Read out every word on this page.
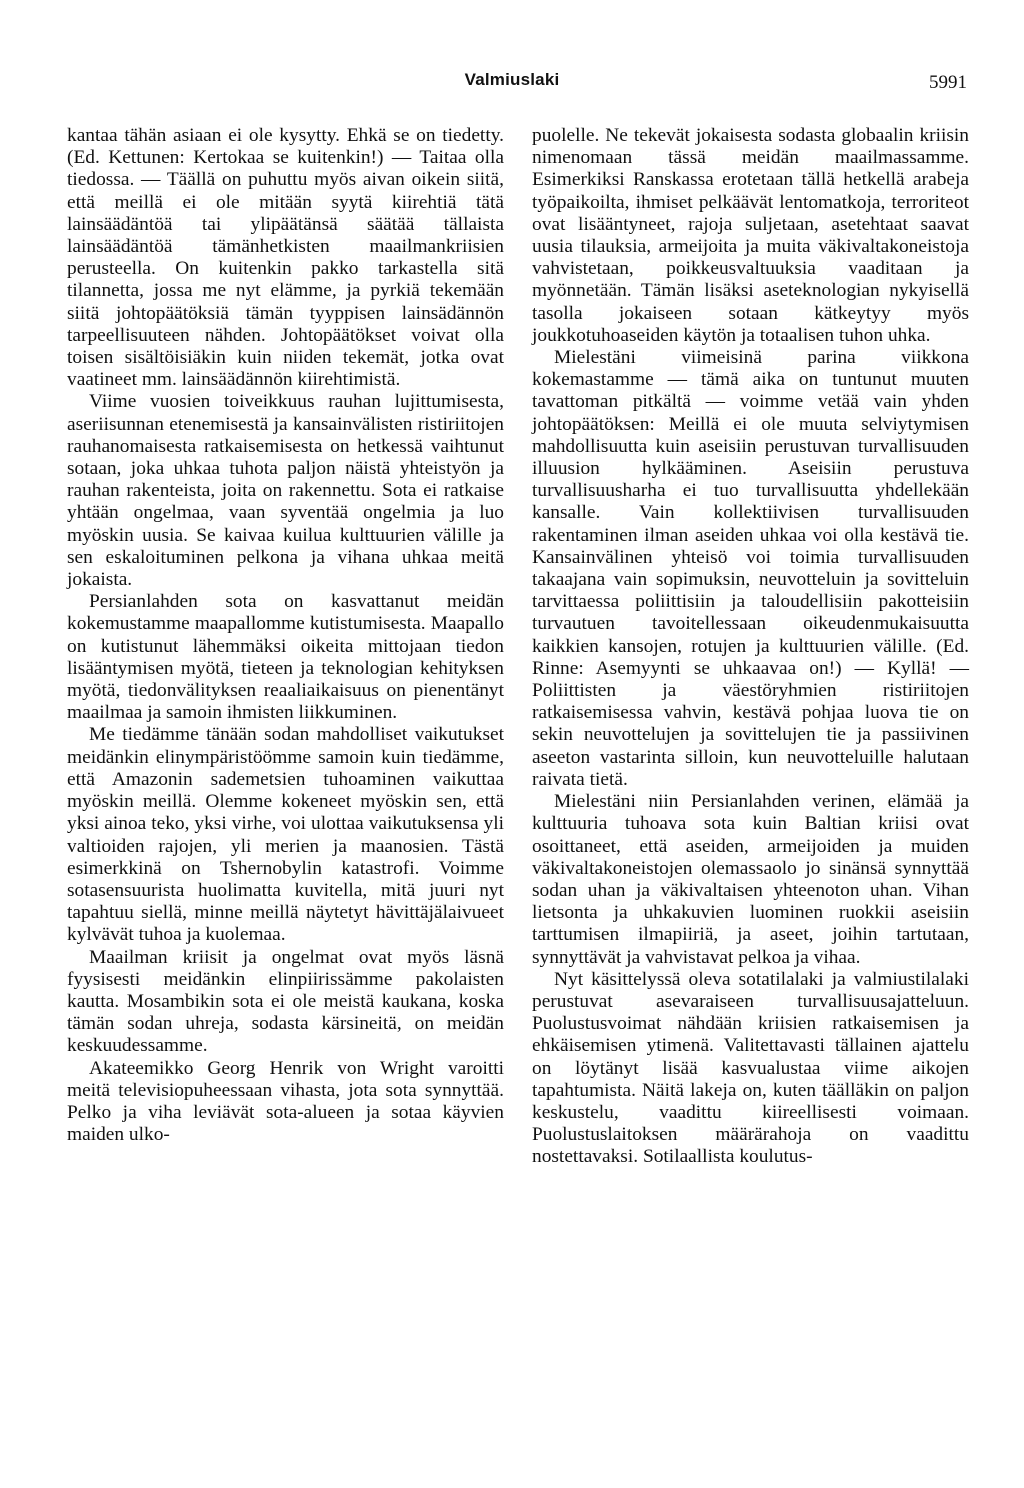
Valmiuslaki	5991

kantaa tähän asiaan ei ole kysytty. Ehkä se on tiedetty. (Ed. Kettunen: Kertokaa se kuitenkin!) — Taitaa olla tiedossa. — Täällä on puhuttu myös aivan oikein siitä, että meillä ei ole mitään syytä kiirehtiä tätä lainsäädäntöä tai ylipäätänsä säätää tällaista lainsäädäntöä tämänhetkisten maailmankriisien perusteella. On kuitenkin pakko tarkastella sitä tilannetta, jossa me nyt elämme, ja pyrkiä tekemään siitä johtopäätöksiä tämän tyyppisen lainsädännön tarpeellisuuteen nähden. Johtopäätökset voivat olla toisen sisältöisiäkin kuin niiden tekemät, jotka ovat vaatineet mm. lainsäädännön kiirehtimistä.

Viime vuosien toiveikkuus rauhan lujittumisesta, aseriisunnan etenemisestä ja kansainvälisten ristiriitojen rauhanomaisesta ratkaisemisesta on hetkessä vaihtunut sotaan, joka uhkaa tuhota paljon näistä yhteistyön ja rauhan rakenteista, joita on rakennettu. Sota ei ratkaise yhtään ongelmaa, vaan syventää ongelmia ja luo myöskin uusia. Se kaivaa kuilua kulttuurien välille ja sen eskaloituminen pelkona ja vihana uhkaa meitä jokaista.

Persianlahden sota on kasvattanut meidän kokemustamme maapallomme kutistumisesta. Maapallo on kutistunut lähemmäksi oikeita mittojaan tiedon lisääntymisen myötä, tieteen ja teknologian kehityksen myötä, tiedonvälityksen reaaliaikaisuus on pienentänyt maailmaa ja samoin ihmisten liikkuminen.

Me tiedämme tänään sodan mahdolliset vaikutukset meidänkin elinympäristöömme samoin kuin tiedämme, että Amazonin sademetsien tuhoaminen vaikuttaa myöskin meillä. Olemme kokeneet myöskin sen, että yksi ainoa teko, yksi virhe, voi ulottaa vaikutuksensa yli valtioiden rajojen, yli merien ja maanosien. Tästä esimerkkinä on Tshernobylin katastrofi. Voimme sotasensuurista huolimatta kuvitella, mitä juuri nyt tapahtuu siellä, minne meillä näytetyt hävittäjälaivueet kylvävät tuhoa ja kuolemaa.

Maailman kriisit ja ongelmat ovat myös läsnä fyysisesti meidänkin elinpiirissämme pakolaisten kautta. Mosambikin sota ei ole meistä kaukana, koska tämän sodan uhreja, sodasta kärsineitä, on meidän keskuudessamme.

Akateemikko Georg Henrik von Wright varoitti meitä televisiopuheessaan vihasta, jota sota synnyttää. Pelko ja viha leviävät sota-alueen ja sotaa käyvien maiden ulko-

puolelle. Ne tekevät jokaisesta sodasta globaalin kriisin nimenomaan tässä meidän maailmassamme. Esimerkiksi Ranskassa erotetaan tällä hetkellä arabeja työpaikoilta, ihmiset pelkäävät lentomatkoja, terroriteot ovat lisääntyneet, rajoja suljetaan, asetehtaat saavat uusia tilauksia, armeijoita ja muita väkivaltakoneistoja vahvistetaan, poikkeusvaltuuksia vaaditaan ja myönnetään. Tämän lisäksi aseteknologian nykyisellä tasolla jokaiseen sotaan kätkeytyy myös joukkotuhoaseiden käytön ja totaalisen tuhon uhka.

Mielestäni viimeisinä parina viikkona kokemastamme — tämä aika on tuntunut muuten tavattoman pitkältä — voimme vetää vain yhden johtopäätöksen: Meillä ei ole muuta selviytymisen mahdollisuutta kuin aseisiin perustuvan turvallisuuden illuusion hylkääminen. Aseisiin perustuva turvallisuusharha ei tuo turvallisuutta yhdellekään kansalle. Vain kollektiivisen turvallisuuden rakentaminen ilman aseiden uhkaa voi olla kestävä tie. Kansainvälinen yhteisö voi toimia turvallisuuden takaajana vain sopimuksin, neuvotteluin ja sovitteluin tarvittaessa poliittisiin ja taloudellisiin pakotteisiin turvautuen tavoitellessaan oikeudenmukaisuutta kaikkien kansojen, rotujen ja kulttuurien välille. (Ed. Rinne: Asemyynti se uhkaavaa on!) — Kyllä! — Poliittisten ja väestöryhmien ristiriitojen ratkaisemisessa vahvin, kestävä pohjaa luova tie on sekin neuvottelujen ja sovittelujen tie ja passiivinen aseeton vastarinta silloin, kun neuvotteluille halutaan raivata tietä.

Mielestäni niin Persianlahden verinen, elämää ja kulttuuria tuhoava sota kuin Baltian kriisi ovat osoittaneet, että aseiden, armeijoiden ja muiden väkivaltakoneistojen olemassaolo jo sinänsä synnyttää sodan uhan ja väkivaltaisen yhteenoton uhan. Vihan lietsonta ja uhkakuvien luominen ruokkii aseisiin tarttumisen ilmapiiriä, ja aseet, joihin tartutaan, synnyttävät ja vahvistavat pelkoa ja vihaa.

Nyt käsittelyssä oleva sotatilalaki ja valmiustilalaki perustuvat asevaraiseen turvallisuusajatteluun. Puolustusvoimat nähdään kriisien ratkaisemisen ja ehkäisemisen ytimenä. Valitettavasti tällainen ajattelu on löytänyt lisää kasvualustaa viime aikojen tapahtumista. Näitä lakeja on, kuten täälläkin on paljon keskustelu, vaadittu kiireellisesti voimaan. Puolustuslaitoksen määrärahoja on vaadittu nostettavaksi. Sotilaallista koulutus-
